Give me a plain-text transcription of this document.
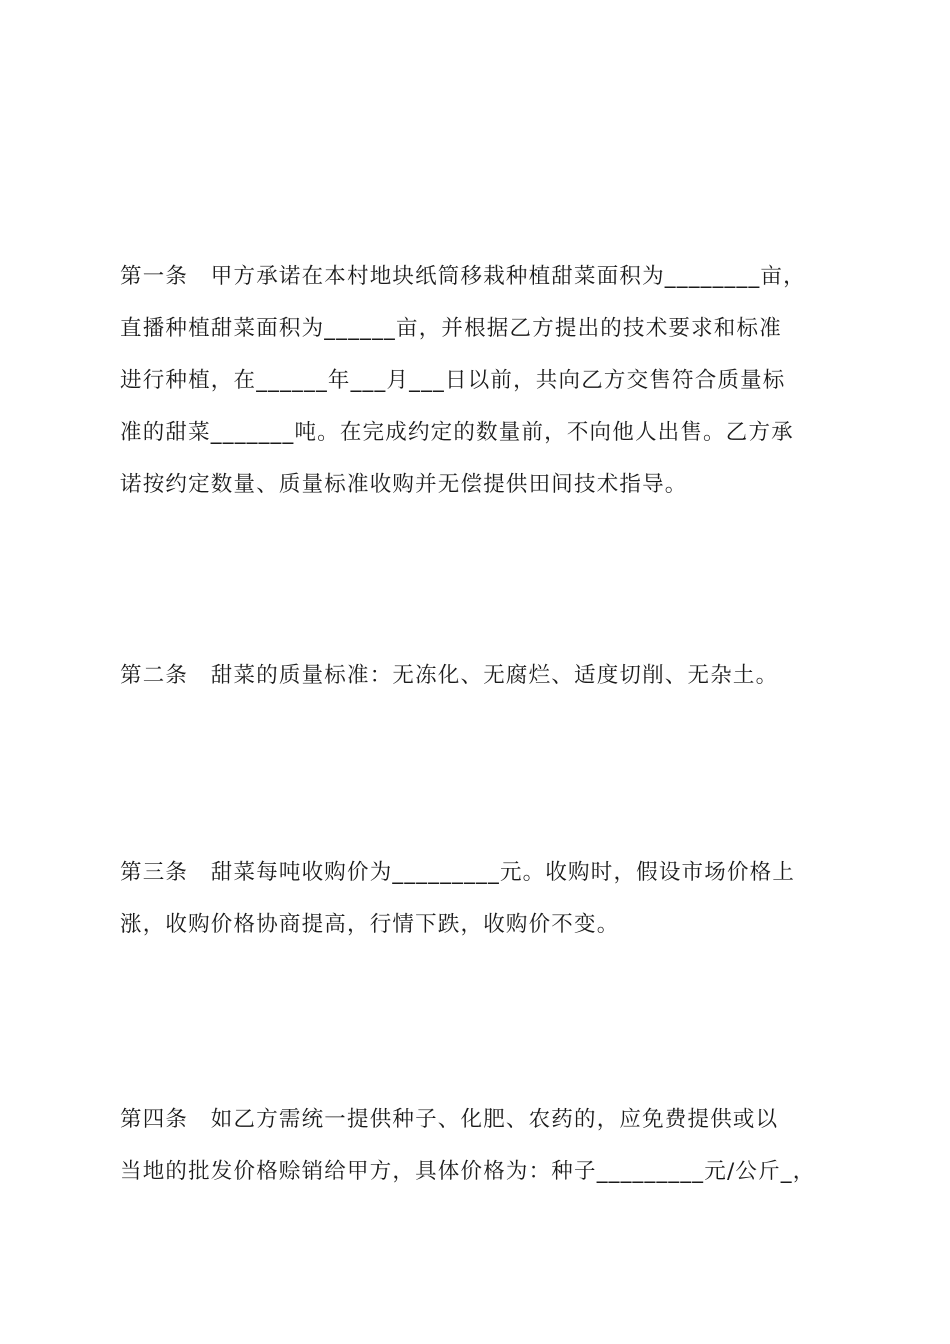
第一条　甲方承诺在本村地块纸筒移栽种植甜菜面积为________亩，
直播种植甜菜面积为______亩，并根据乙方提出的技术要求和标准
进行种植，在______年___月___日以前，共向乙方交售符合质量标
准的甜菜_______吨。在完成约定的数量前，不向他人出售。乙方承
诺按约定数量、质量标准收购并无偿提供田间技术指导。
第二条　甜菜的质量标准：无冻化、无腐烂、适度切削、无杂土。
第三条　甜菜每吨收购价为_________元。收购时，假设市场价格上
涨，收购价格协商提高，行情下跌，收购价不变。
第四条　如乙方需统一提供种子、化肥、农药的，应免费提供或以
当地的批发价格赊销给甲方，具体价格为：种子_________元/公斤_，
